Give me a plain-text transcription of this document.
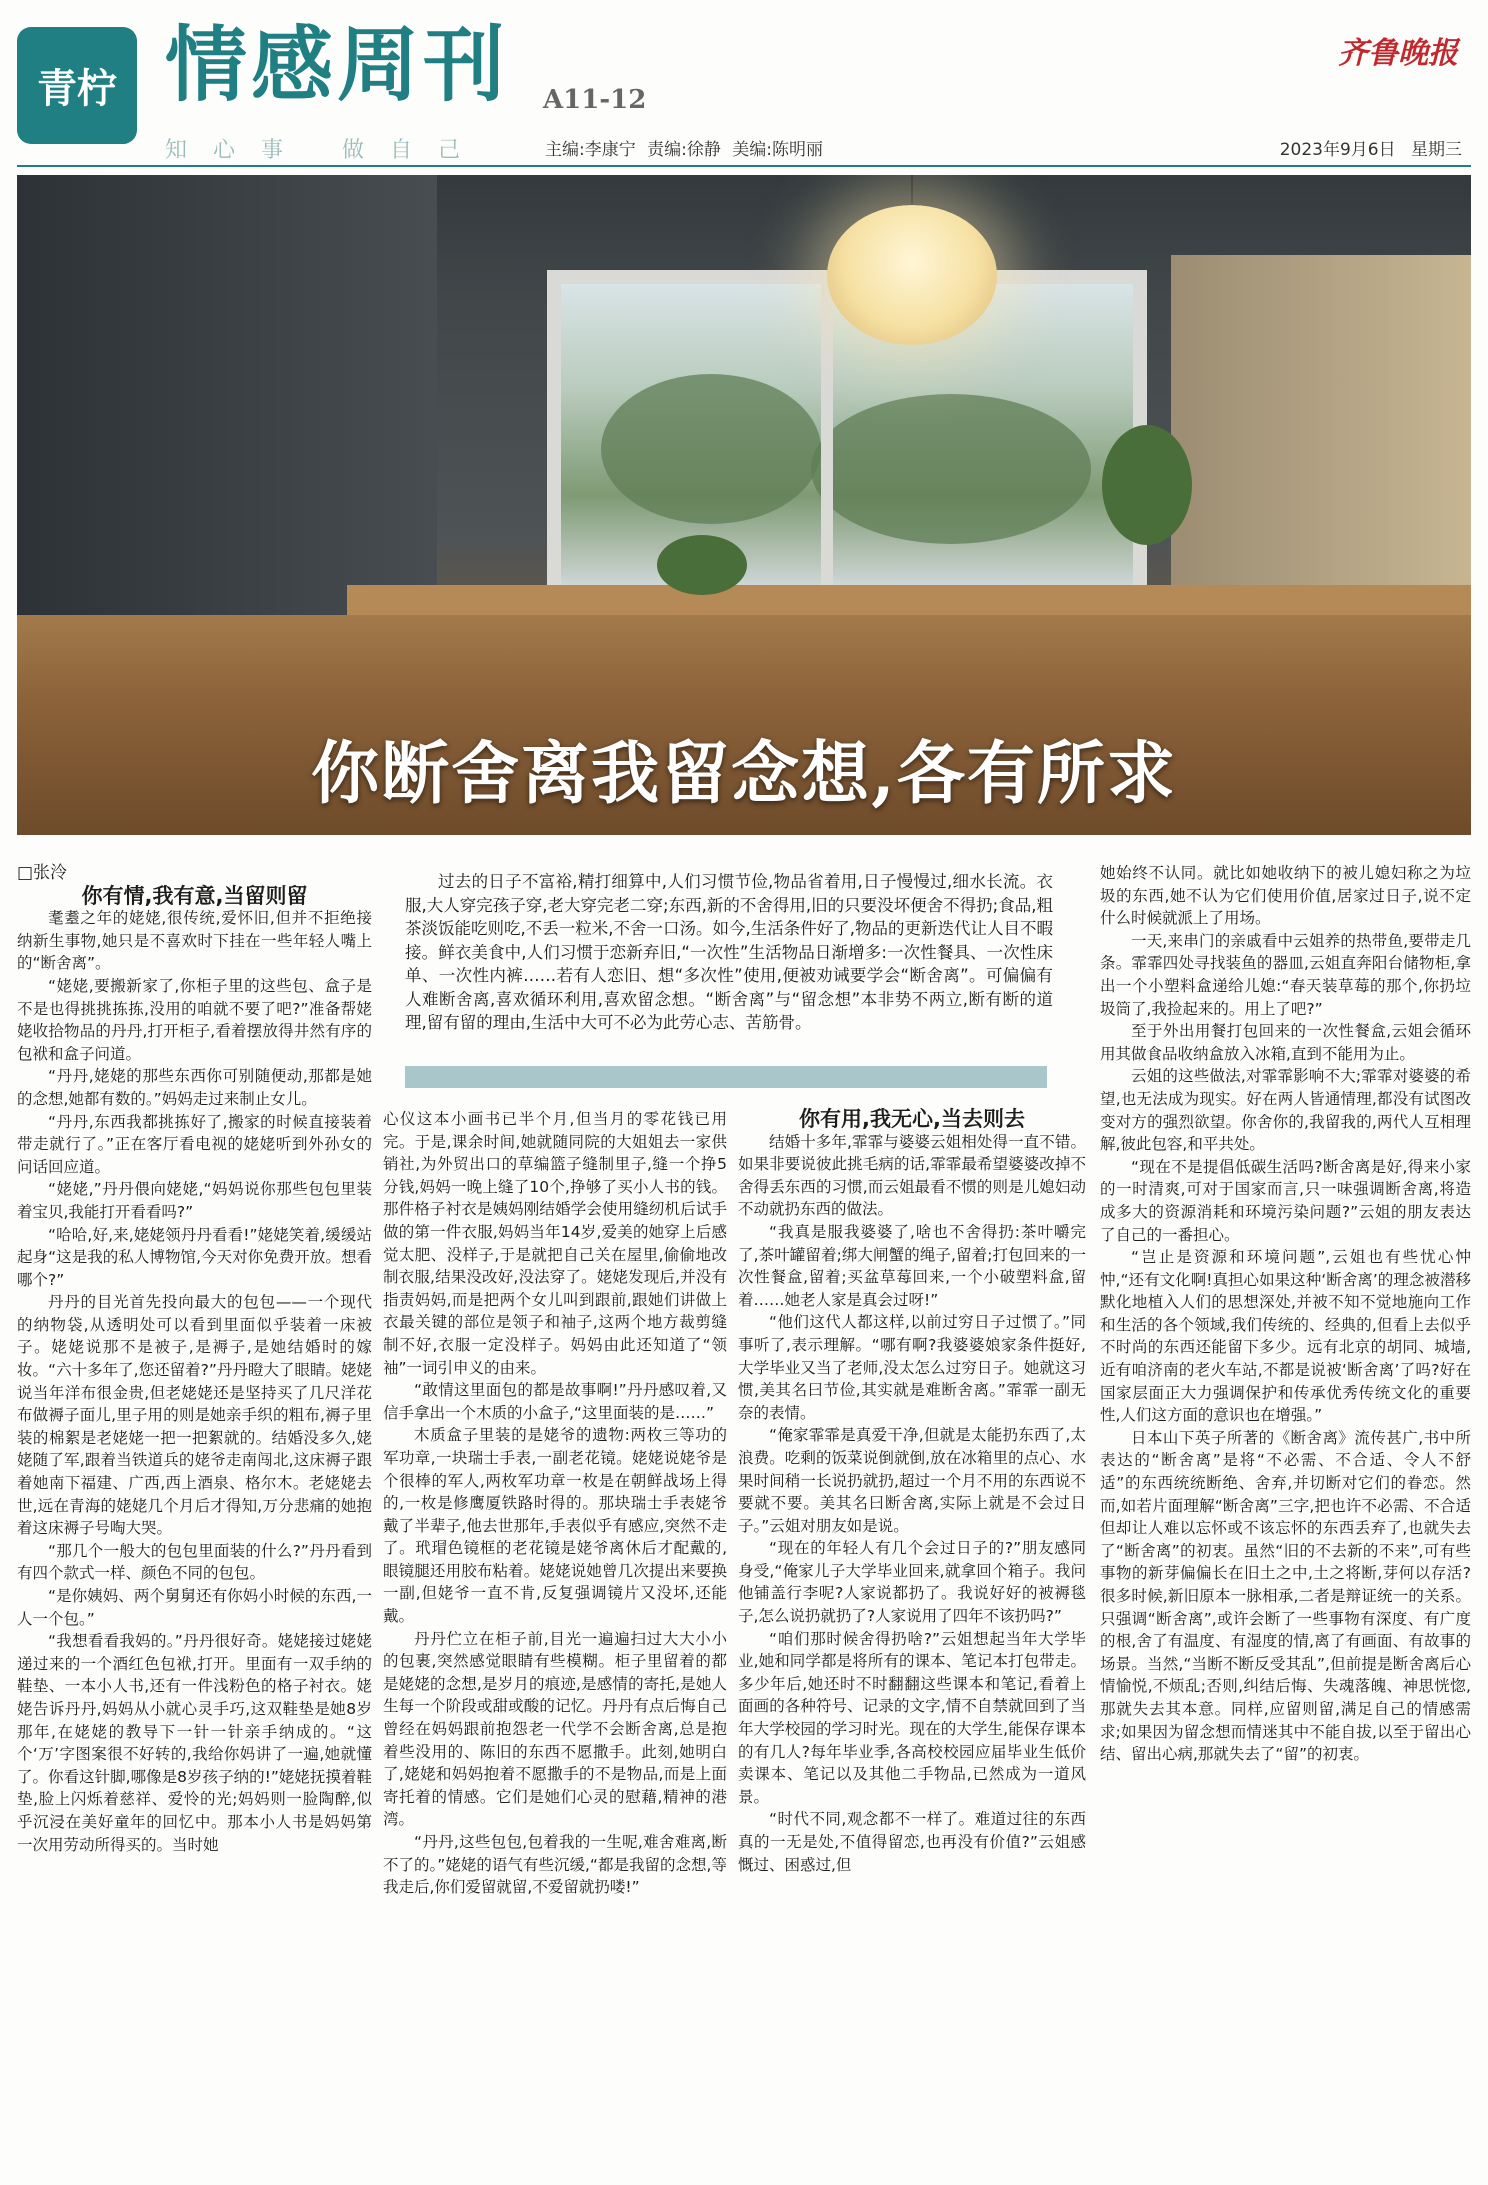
青柠 情感周刊 A11-12
知心事 做自己	主编:李康宁 责编:徐静 美编:陈明丽	2023年9月6日 星期三
齐鲁晚报
你断舍离我留念想,各有所求

□张泠

你有情,我有意,当留则留

耄耋之年的姥姥,很传统,爱怀旧,但并不拒绝接纳新生事物,她只是不喜欢时下挂在一些年轻人嘴上的“断舍离”。

“姥姥,要搬新家了,你柜子里的这些包、盒子是不是也得挑挑拣拣,没用的咱就不要了吧?”准备帮姥姥收拾物品的丹丹,打开柜子,看着摆放得井然有序的包袱和盒子问道。

“丹丹,姥姥的那些东西你可别随便动,那都是她的念想,她都有数的。”妈妈走过来制止女儿。

“丹丹,东西我都挑拣好了,搬家的时候直接装着带走就行了。”正在客厅看电视的姥姥听到外孙女的问话回应道。

“姥姥,”丹丹偎向姥姥,“妈妈说你那些包包里装着宝贝,我能打开看看吗?”

“哈哈,好,来,姥姥领丹丹看看!”姥姥笑着,缓缓站起身“这是我的私人博物馆,今天对你免费开放。想看哪个?”

丹丹的目光首先投向最大的包包——一个现代的纳物袋,从透明处可以看到里面似乎装着一床被子。姥姥说那不是被子,是褥子,是她结婚时的嫁妆。“六十多年了,您还留着?”丹丹瞪大了眼睛。姥姥说当年洋布很金贵,但老姥姥还是坚持买了几尺洋花布做褥子面儿,里子用的则是她亲手织的粗布,褥子里装的棉絮是老姥姥一把一把絮就的。结婚没多久,姥姥随了军,跟着当铁道兵的姥爷走南闯北,这床褥子跟着她南下福建、广西,西上酒泉、格尔木。老姥姥去世,远在青海的姥姥几个月后才得知,万分悲痛的她抱着这床褥子号啕大哭。

“那几个一般大的包包里面装的什么?”丹丹看到有四个款式一样、颜色不同的包包。

“是你姨妈、两个舅舅还有你妈小时候的东西,一人一个包。”

“我想看看我妈的。”丹丹很好奇。姥姥接过姥姥递过来的一个酒红色包袱,打开。里面有一双手纳的鞋垫、一本小人书,还有一件浅粉色的格子衬衣。姥姥告诉丹丹,妈妈从小就心灵手巧,这双鞋垫是她8岁那年,在姥姥的教导下一针一针亲手纳成的。“这个‘万’字图案很不好转的,我给你妈讲了一遍,她就懂了。你看这针脚,哪像是8岁孩子纳的!”姥姥抚摸着鞋垫,脸上闪烁着慈祥、爱怜的光;妈妈则一脸陶醉,似乎沉浸在美好童年的回忆中。那本小人书是妈妈第一次用劳动所得买的。当时她

过去的日子不富裕,精打细算中,人们习惯节俭,物品省着用,日子慢慢过,细水长流。衣服,大人穿完孩子穿,老大穿完老二穿;东西,新的不舍得用,旧的只要没坏便舍不得扔;食品,粗茶淡饭能吃则吃,不丢一粒米,不舍一口汤。如今,生活条件好了,物品的更新迭代让人目不暇接。鲜衣美食中,人们习惯于恋新弃旧,“一次性”生活物品日渐增多:一次性餐具、一次性床单、一次性内裤……若有人恋旧、想“多次性”使用,便被劝诫要学会“断舍离”。可偏偏有人难断舍离,喜欢循环利用,喜欢留念想。“断舍离”与“留念想”本非势不两立,断有断的道理,留有留的理由,生活中大可不必为此劳心志、苦筋骨。

心仪这本小画书已半个月,但当月的零花钱已用完。于是,课余时间,她就随同院的大姐姐去一家供销社,为外贸出口的草编篮子缝制里子,缝一个挣5分钱,妈妈一晚上缝了10个,挣够了买小人书的钱。那件格子衬衣是姨妈刚结婚学会使用缝纫机后试手做的第一件衣服,妈妈当年14岁,爱美的她穿上后感觉太肥、没样子,于是就把自己关在屋里,偷偷地改制衣服,结果没改好,没法穿了。姥姥发现后,并没有指责妈妈,而是把两个女儿叫到跟前,跟她们讲做上衣最关键的部位是领子和袖子,这两个地方裁剪缝制不好,衣服一定没样子。妈妈由此还知道了“领袖”一词引申义的由来。

“敢情这里面包的都是故事啊!”丹丹感叹着,又信手拿出一个木质的小盒子,“这里面装的是……”

木质盒子里装的是姥爷的遗物:两枚三等功的军功章,一块瑞士手表,一副老花镜。姥姥说姥爷是个很棒的军人,两枚军功章一枚是在朝鲜战场上得的,一枚是修鹰厦铁路时得的。那块瑞士手表姥爷戴了半辈子,他去世那年,手表似乎有感应,突然不走了。玳瑁色镜框的老花镜是姥爷离休后才配戴的,眼镜腿还用胶布粘着。姥姥说她曾几次提出来要换一副,但姥爷一直不肯,反复强调镜片又没坏,还能戴。

丹丹伫立在柜子前,目光一遍遍扫过大大小小的包裹,突然感觉眼睛有些模糊。柜子里留着的都是姥姥的念想,是岁月的痕迹,是感情的寄托,是她人生每一个阶段或甜或酸的记忆。丹丹有点后悔自己曾经在妈妈跟前抱怨老一代学不会断舍离,总是抱着些没用的、陈旧的东西不愿撒手。此刻,她明白了,姥姥和妈妈抱着不愿撒手的不是物品,而是上面寄托着的情感。它们是她们心灵的慰藉,精神的港湾。

“丹丹,这些包包,包着我的一生呢,难舍难离,断不了的。”姥姥的语气有些沉缓,“都是我留的念想,等我走后,你们爱留就留,不爱留就扔喽!”

你有用,我无心,当去则去

结婚十多年,霏霏与婆婆云姐相处得一直不错。如果非要说彼此挑毛病的话,霏霏最希望婆婆改掉不舍得丢东西的习惯,而云姐最看不惯的则是儿媳妇动不动就扔东西的做法。

“我真是服我婆婆了,啥也不舍得扔:茶叶嚼完了,茶叶罐留着;绑大闸蟹的绳子,留着;打包回来的一次性餐盒,留着;买盆草莓回来,一个小破塑料盒,留着……她老人家是真会过呀!”

“他们这代人都这样,以前过穷日子过惯了。”同事听了,表示理解。“哪有啊?我婆婆娘家条件挺好,大学毕业又当了老师,没太怎么过穷日子。她就这习惯,美其名曰节俭,其实就是难断舍离。”霏霏一副无奈的表情。

“俺家霏霏是真爱干净,但就是太能扔东西了,太浪费。吃剩的饭菜说倒就倒,放在冰箱里的点心、水果时间稍一长说扔就扔,超过一个月不用的东西说不要就不要。美其名曰断舍离,实际上就是不会过日子。”云姐对朋友如是说。

“现在的年轻人有几个会过日子的?”朋友感同身受,“俺家儿子大学毕业回来,就拿回个箱子。我问他铺盖行李呢?人家说都扔了。我说好好的被褥毯子,怎么说扔就扔了?人家说用了四年不该扔吗?”

“咱们那时候舍得扔啥?”云姐想起当年大学毕业,她和同学都是将所有的课本、笔记本打包带走。多少年后,她还时不时翻翻这些课本和笔记,看着上面画的各种符号、记录的文字,情不自禁就回到了当年大学校园的学习时光。现在的大学生,能保存课本的有几人?每年毕业季,各高校校园应届毕业生低价卖课本、笔记以及其他二手物品,已然成为一道风景。

“时代不同,观念都不一样了。难道过往的东西真的一无是处,不值得留恋,也再没有价值?”云姐感慨过、困惑过,但

她始终不认同。就比如她收纳下的被儿媳妇称之为垃圾的东西,她不认为它们使用价值,居家过日子,说不定什么时候就派上了用场。

一天,来串门的亲戚看中云姐养的热带鱼,要带走几条。霏霏四处寻找装鱼的器皿,云姐直奔阳台储物柜,拿出一个小塑料盒递给儿媳:“春天装草莓的那个,你扔垃圾筒了,我捡起来的。用上了吧?”

至于外出用餐打包回来的一次性餐盒,云姐会循环用其做食品收纳盒放入冰箱,直到不能用为止。

云姐的这些做法,对霏霏影响不大;霏霏对婆婆的希望,也无法成为现实。好在两人皆通情理,都没有试图改变对方的强烈欲望。你舍你的,我留我的,两代人互相理解,彼此包容,和平共处。

“现在不是提倡低碳生活吗?断舍离是好,得来小家的一时清爽,可对于国家而言,只一味强调断舍离,将造成多大的资源消耗和环境污染问题?”云姐的朋友表达了自己的一番担心。

“岂止是资源和环境问题”,云姐也有些忧心忡忡,“还有文化啊!真担心如果这种‘断舍离’的理念被潜移默化地植入人们的思想深处,并被不知不觉地施向工作和生活的各个领域,我们传统的、经典的,但看上去似乎不时尚的东西还能留下多少。远有北京的胡同、城墙,近有咱济南的老火车站,不都是说被‘断舍离’了吗?好在国家层面正大力强调保护和传承优秀传统文化的重要性,人们这方面的意识也在增强。”

日本山下英子所著的《断舍离》流传甚广,书中所表达的“断舍离”是将“不必需、不合适、令人不舒适”的东西统统断绝、舍弃,并切断对它们的眷恋。然而,如若片面理解“断舍离”三字,把也许不必需、不合适但却让人难以忘怀或不该忘怀的东西丢弃了,也就失去了“断舍离”的初衷。虽然“旧的不去新的不来”,可有些事物的新芽偏偏长在旧土之中,土之将断,芽何以存活?很多时候,新旧原本一脉相承,二者是辩证统一的关系。只强调“断舍离”,或许会断了一些事物有深度、有广度的根,舍了有温度、有湿度的情,离了有画面、有故事的场景。当然,“当断不断反受其乱”,但前提是断舍离后心情愉悦,不烦乱;否则,纠结后悔、失魂落魄、神思恍惚,那就失去其本意。同样,应留则留,满足自己的情感需求;如果因为留念想而情迷其中不能自拔,以至于留出心结、留出心病,那就失去了“留”的初衷。
